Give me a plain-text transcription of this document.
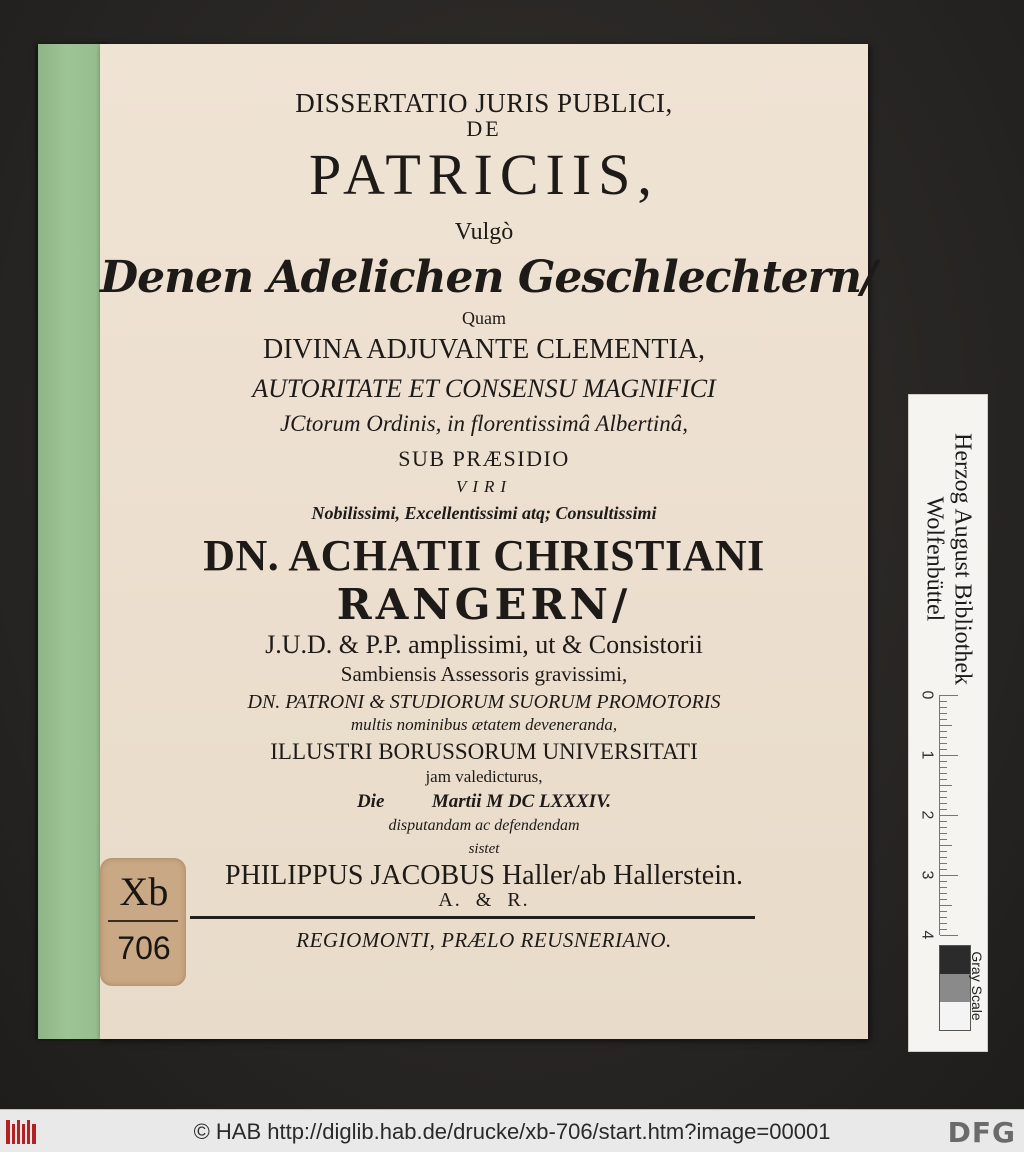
DISSERTATIO JURIS PUBLICI,
DE
PATRICIIS,
Vulgò
Denen Adelichen Geschlechtern/
Quam
DIVINA ADJUVANTE CLEMENTIA,
AUTORITATE ET CONSENSU MAGNIFICI
JCtorum Ordinis, in florentissimâ Albertinâ,
SUB PRÆSIDIO
VIRI
Nobilissimi, Excellentissimi atq; Consultissimi
DN. ACHATII CHRISTIANI
RANGERN/
J.U.D. & P.P. amplissimi, ut & Consistorii
Sambiensis Assessoris gravissimi,
DN. PATRONI & STUDIORUM SUORUM PROMOTORIS
multis nominibus ætatem deveneranda,
ILLUSTRI BORUSSORUM UNIVERSITATI
jam valedicturus,
Die          Martii M DC LXXXIV.
disputandam ac defendendam
sistet
PHILIPPUS JACOBUS Haller/ab Hallerstein.
A.  &  R.
REGIOMONTI, PRÆLO REUSNERIANO.
Xb
706
Herzog August Bibliothek
Wolfenbüttel
0
1
2
3
4
Gray Scale
© HAB http://diglib.hab.de/drucke/xb-706/start.htm?image=00001	DFG
